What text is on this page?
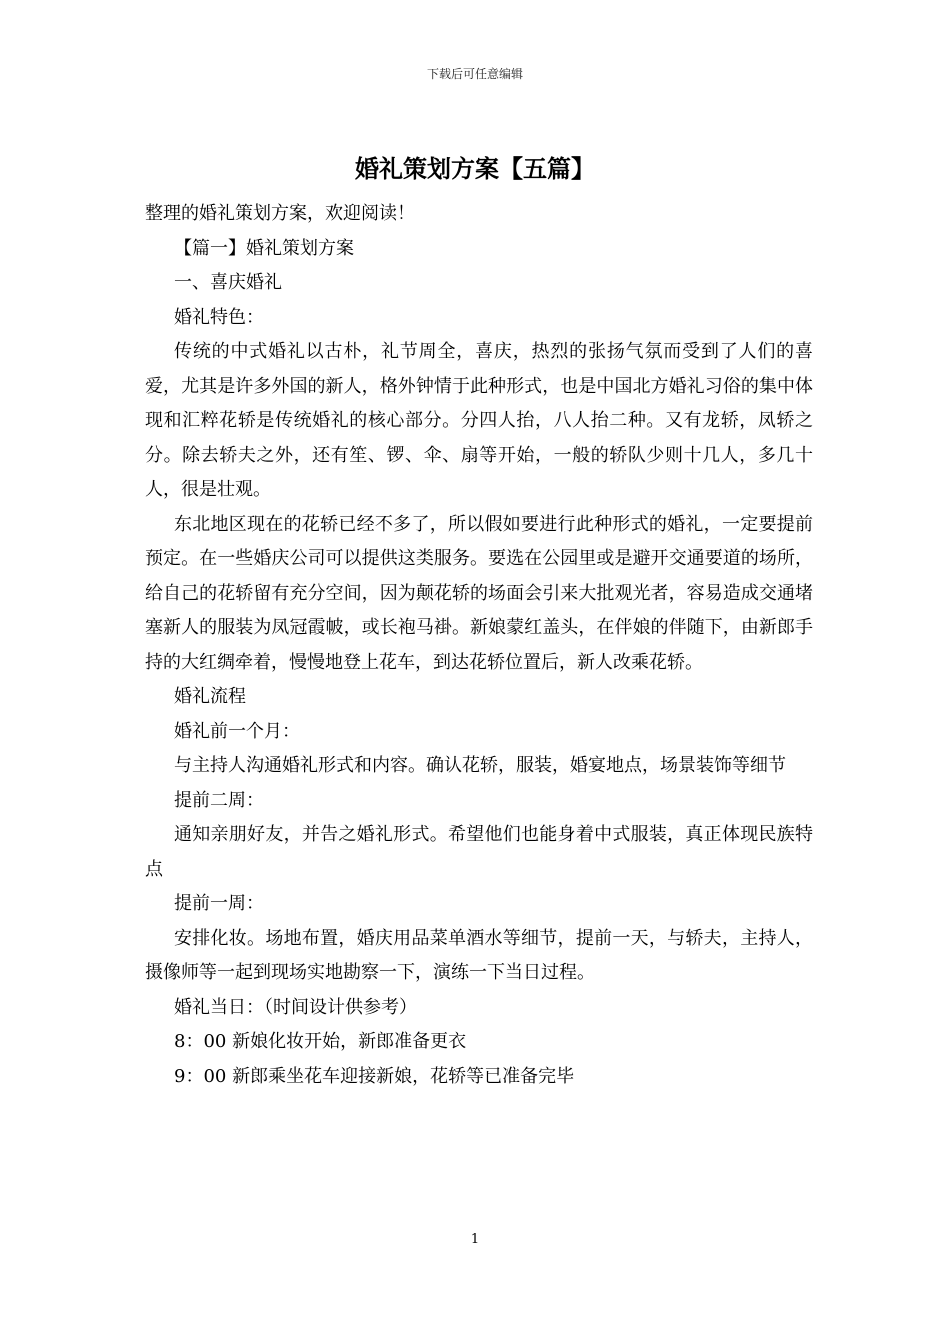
下载后可任意编辑
婚礼策划方案【五篇】

整理的婚礼策划方案，欢迎阅读！

【篇一】婚礼策划方案

一、喜庆婚礼

婚礼特色：

传统的中式婚礼以古朴，礼节周全，喜庆，热烈的张扬气氛而受到了人们的喜爱，尤其是许多外国的新人，格外钟情于此种形式，也是中国北方婚礼习俗的集中体现和汇粹花轿是传统婚礼的核心部分。分四人抬，八人抬二种。又有龙轿，凤轿之分。除去轿夫之外，还有笙、锣、伞、扇等开始，一般的轿队少则十几人，多几十人，很是壮观。

东北地区现在的花轿已经不多了，所以假如要进行此种形式的婚礼，一定要提前预定。在一些婚庆公司可以提供这类服务。要选在公园里或是避开交通要道的场所，给自己的花轿留有充分空间，因为颠花轿的场面会引来大批观光者，容易造成交通堵塞新人的服装为凤冠霞帔，或长袍马褂。新娘蒙红盖头，在伴娘的伴随下，由新郎手持的大红绸牵着，慢慢地登上花车，到达花轿位置后，新人改乘花轿。

婚礼流程

婚礼前一个月：

与主持人沟通婚礼形式和内容。确认花轿，服装，婚宴地点，场景装饰等细节

提前二周：

通知亲朋好友，并告之婚礼形式。希望他们也能身着中式服装，真正体现民族特点

提前一周：

安排化妆。场地布置，婚庆用品菜单酒水等细节，提前一天，与轿夫，主持人，摄像师等一起到现场实地勘察一下，演练一下当日过程。

婚礼当日：（时间设计供参考）

8：00 新娘化妆开始，新郎准备更衣

9：00 新郎乘坐花车迎接新娘，花轿等已准备完毕

1
